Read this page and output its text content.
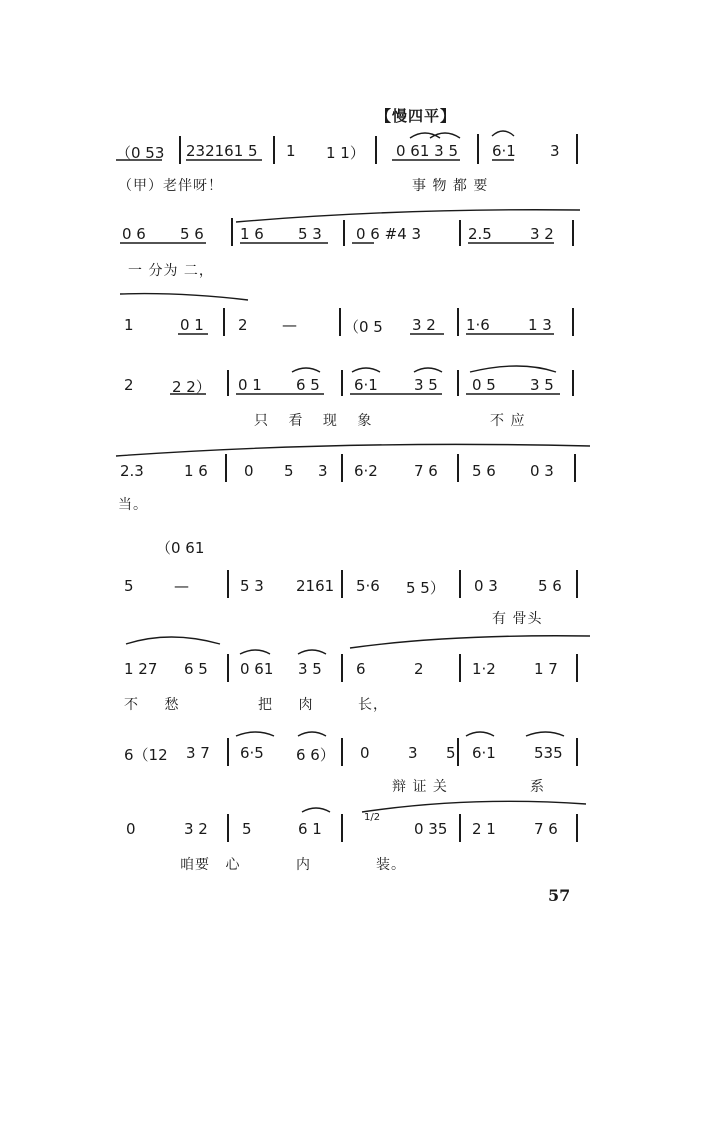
【慢四平】
（0 53 232161 5 1 1 1） 0 61 3 5 6·1 3
（甲）老伴呀！	事 物 都 要
0 6 5 6 1 6 5 3 0 6 #4 3	2.5	3 2
一 分为 二，
1	0 1 2 —	（0 5 3 2 1·6	1 3
2	2 2） 0 1 6 5 6·1 3 5 0 5 3 5
只 看 现 象	不 应
2.3	1 6 0 5 3 6·2 7 6 5 6 0 3
当。
（0 61
5	—	5 3 2161 5·6 5 5） 0 3	5 6
有 骨头
1 27 6 5 0 61 3 5 6	2	1·2	1 7
不 愁	把 肉	长，
6（12 3 7 6·5 6 6） 0	3 5 6·1	535
辩 证 关	系
0	3 2 5	6 1
1/2
0 35 2 1	7 6
咱要 心	内	装。
57
